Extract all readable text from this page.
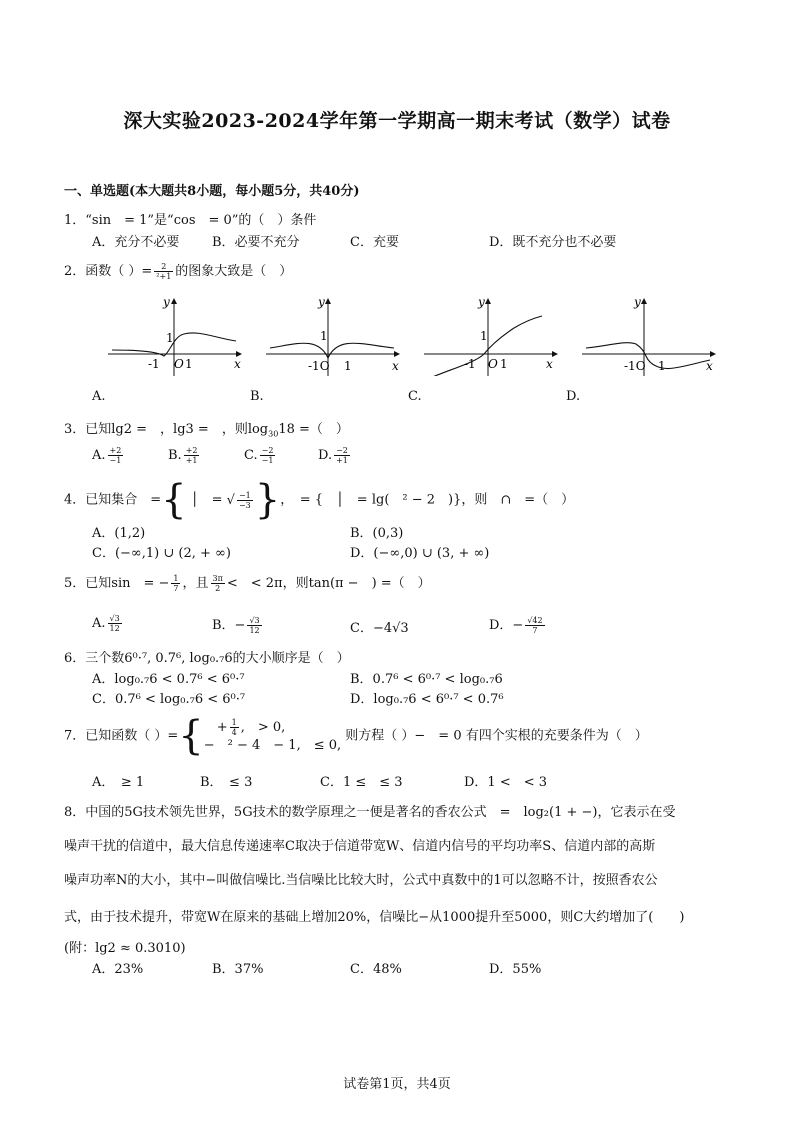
深大实验2023-2024学年第一学期高一期末考试（数学）试卷
一、单选题(本大题共8小题，每小题5分，共40分)
1．“sin　= 1”是“cos　= 0”的（　）条件
A．充分不必要	B．必要不充分	C．充要	D．既不充分也不必要
2．函数（ ）= $\frac{2}{\text{²+1}}$ 的图象大致是（　）
y
x
1
-1 O 1
A.
y
x
1
-1O 1
B.
y
x
1
-1 O 1
C.
y
x
-1O 1
D.
3．已知lg2 =　，lg3 =　，则$\log_{30}18$ =（　）
A. $\frac{+2}{-1}$	B. $\frac{+2}{+1}$	C. $\frac{-2}{-1}$	D. $\frac{-2}{+1}$
4．已知集合　={ │　= √ $\frac{-1}{-3}$ }，　= {　│　= lg(　² − 2　)}，则　∩　=（　）
A．(1,2)	B．(0,3)
C．(−∞,1) ∪ (2, + ∞)	D．(−∞,0) ∪ (3, + ∞)
5．已知sin　= − $\frac{1}{7}$ ，且 $\frac{3\pi}{2}$ <　< 2π，则tan(π −　) =（　）
A. $\frac{√3}{12}$	B．− $\frac{√3}{12}$	C．−4√3	D．− $\frac{√42}{7}$
6．三个数6⁰·⁷, 0.7⁶, log₀.₇6的大小顺序是（　）
A．log₀.₇6 < 0.7⁶ < 6⁰·⁷	B．0.7⁶ < 6⁰·⁷ < log₀.₇6
C．0.7⁶ < log₀.₇6 < 6⁰·⁷	D．log₀.₇6 < 6⁰·⁷ < 0.7⁶
7．已知函数（ ）={ 　+ $\frac{1}{4}$ ,　> 0,
−　² − 4　− 1,　≤ 0,
则方程（ ）−　= 0 有四个实根的充要条件为（　）
A．　≥ 1	B．　≤ 3	C．1 ≤　≤ 3	D．1 <　< 3
8．中国的5G技术领先世界，5G技术的数学原理之一便是著名的香农公式　=　log₂(1 + −)，它表示在受
噪声干扰的信道中，最大信息传递速率C取决于信道带宽W、信道内信号的平均功率S、信道内部的高斯
噪声功率N的大小，其中−叫做信噪比.当信噪比比较大时，公式中真数中的1可以忽略不计，按照香农公
式，由于技术提升，带宽W在原来的基础上增加20%，信噪比−从1000提升至5000，则C大约增加了(　　)
(附：lg2 ≈ 0.3010)
A．23%	B．37%	C．48%	D．55%
试卷第1页，共4页
